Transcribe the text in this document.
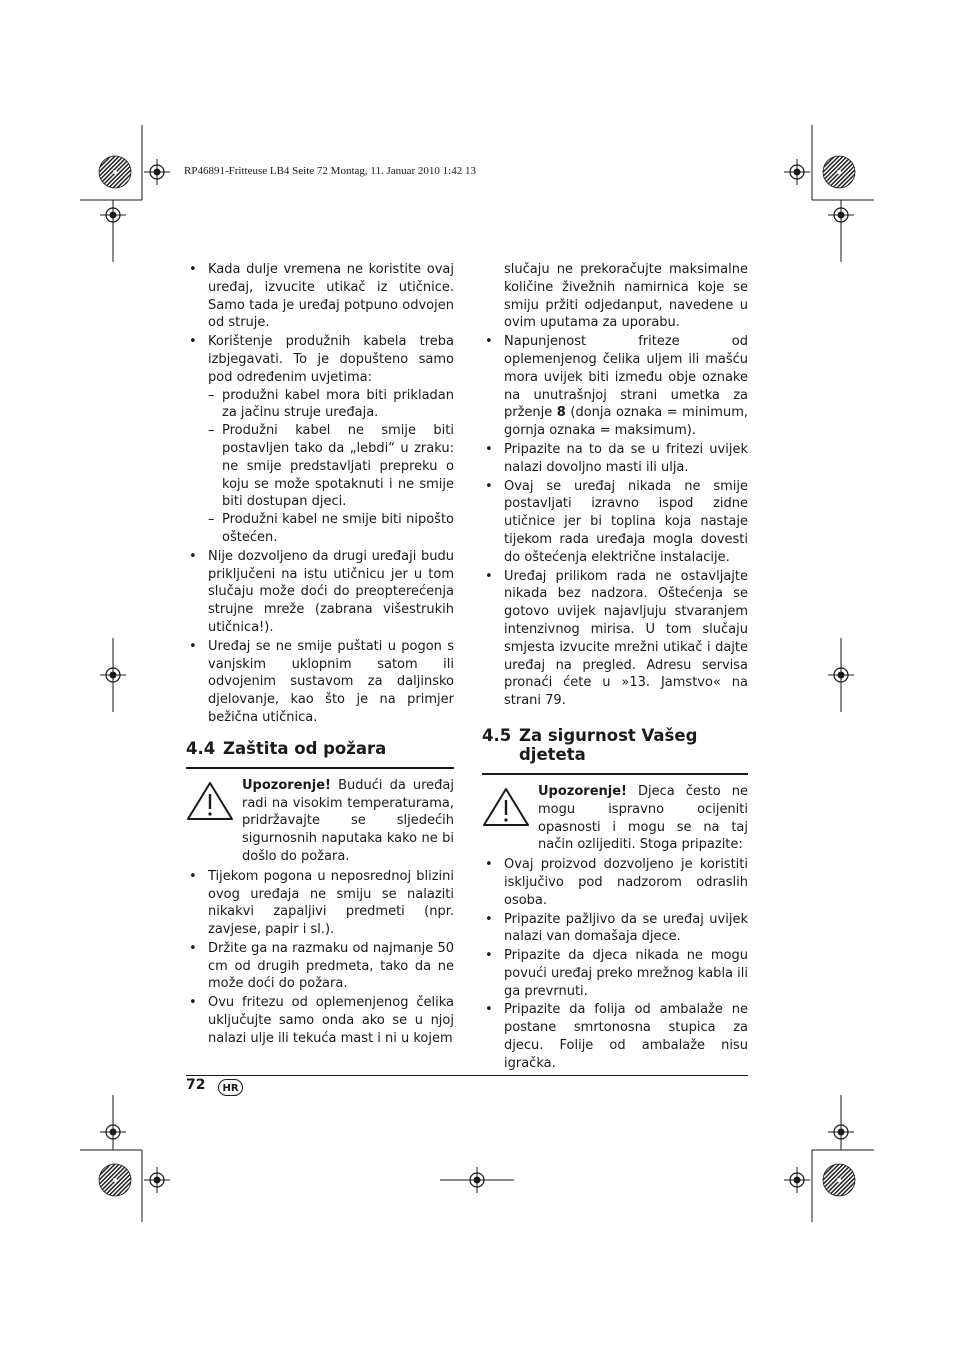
RP46891-Fritteuse LB4 Seite 72 Montag, 11. Januar 2010 1:42 13
• Kada dulje vremena ne koristite ovaj uređaj, izvucite utikač iz utičnice. Samo tada je uređaj potpuno odvojen od struje.
• Korištenje produžnih kabela treba izbjegavati. To je dopušteno samo pod određenim uvjetima:
– produžni kabel mora biti prikladan za jačinu struje uređaja.
– Produžni kabel ne smije biti postavljen tako da „lebdi“ u zraku: ne smije predstavljati prepreku o koju se može spotaknuti i ne smije biti dostupan djeci.
– Produžni kabel ne smije biti nipošto oštećen.
• Nije dozvoljeno da drugi uređaji budu priključeni na istu utičnicu jer u tom slučaju može doći do preopterećenja strujne mreže (zabrana višestrukih utičnica!).
• Uređaj se ne smije puštati u pogon s vanjskim uklopnim satom ili odvojenim sustavom za daljinsko djelovanje, kao što je na primjer bežična utičnica.
4.4 Zaštita od požara
Upozorenje! Budući da uređaj radi na visokim temperaturama, pridržavajte se sljedećih sigurnosnih naputaka kako ne bi došlo do požara.
• Tijekom pogona u neposrednoj blizini ovog uređaja ne smiju se nalaziti nikakvi zapaljivi predmeti (npr. zavjese, papir i sl.).
• Držite ga na razmaku od najmanje 50 cm od drugih predmeta, tako da ne može doći do požara.
• Ovu fritezu od oplemenjenog čelika uključujte samo onda ako se u njoj nalazi ulje ili tekuća mast i ni u kojem
slučaju ne prekoračujte maksimalne količine živežnih namirnica koje se smiju pržiti odjedanput, navedene u ovim uputama za uporabu.
• Napunjenost friteze od oplemenjenog čelika uljem ili mašću mora uvijek biti između obje oznake na unutrašnjoj strani umetka za prženje 8 (donja oznaka = minimum, gornja oznaka = maksimum).
• Pripazite na to da se u fritezi uvijek nalazi dovoljno masti ili ulja.
• Ovaj se uređaj nikada ne smije postavljati izravno ispod zidne utičnice jer bi toplina koja nastaje tijekom rada uređaja mogla dovesti do oštećenja električne instalacije.
• Uređaj prilikom rada ne ostavljajte nikada bez nadzora. Oštećenja se gotovo uvijek najavljuju stvaranjem intenzivnog mirisa. U tom slučaju smjesta izvucite mrežni utikač i dajte uređaj na pregled. Adresu servisa pronaći ćete u »13. Jamstvo« na strani 79.
4.5 Za sigurnost Vašeg djeteta
Upozorenje! Djeca često ne mogu ispravno ocijeniti opasnosti i mogu se na taj način ozlijediti. Stoga pripazite:
• Ovaj proizvod dozvoljeno je koristiti isključivo pod nadzorom odraslih osoba.
• Pripazite pažljivo da se uređaj uvijek nalazi van domašaja djece.
• Pripazite da djeca nikada ne mogu povući uređaj preko mrežnog kabla ili ga prevrnuti.
• Pripazite da folija od ambalaže ne postane smrtonosna stupica za djecu. Folije od ambalaže nisu igračka.
72	HR
